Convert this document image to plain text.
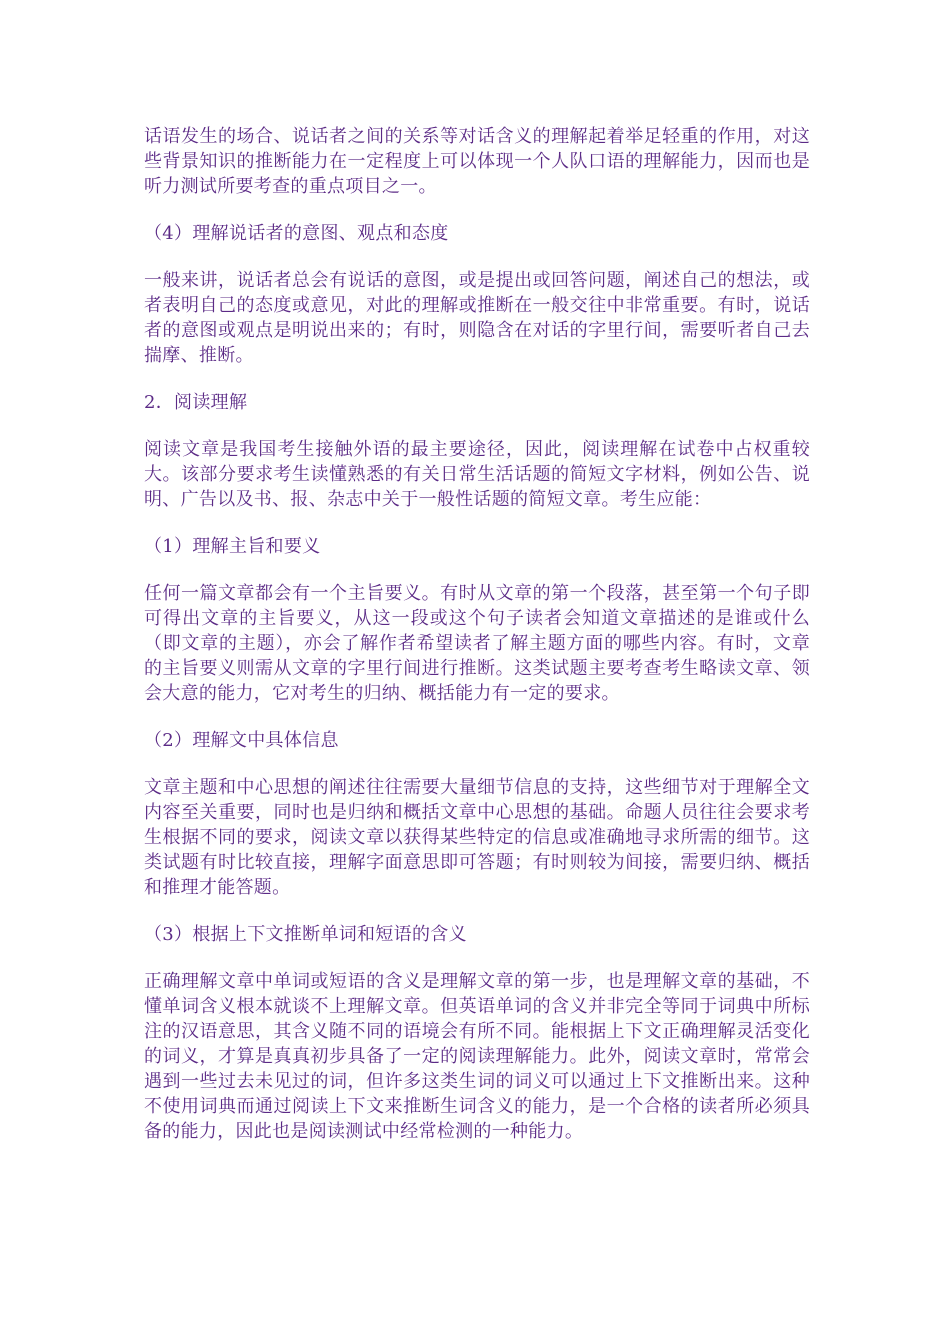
话语发生的场合、说话者之间的关系等对话含义的理解起着举足轻重的作用，对这些背景知识的推断能力在一定程度上可以体现一个人队口语的理解能力，因而也是听力测试所要考查的重点项目之一。

（4）理解说话者的意图、观点和态度

一般来讲，说话者总会有说话的意图，或是提出或回答问题，阐述自己的想法，或者表明自己的态度或意见，对此的理解或推断在一般交往中非常重要。有时，说话者的意图或观点是明说出来的；有时，则隐含在对话的字里行间，需要听者自己去揣摩、推断。

2．阅读理解

阅读文章是我国考生接触外语的最主要途径，因此，阅读理解在试卷中占权重较大。该部分要求考生读懂熟悉的有关日常生活话题的简短文字材料，例如公告、说明、广告以及书、报、杂志中关于一般性话题的简短文章。考生应能：

（1）理解主旨和要义

任何一篇文章都会有一个主旨要义。有时从文章的第一个段落，甚至第一个句子即可得出文章的主旨要义，从这一段或这个句子读者会知道文章描述的是谁或什么（即文章的主题），亦会了解作者希望读者了解主题方面的哪些内容。有时，文章的主旨要义则需从文章的字里行间进行推断。这类试题主要考查考生略读文章、领会大意的能力，它对考生的归纳、概括能力有一定的要求。

（2）理解文中具体信息

文章主题和中心思想的阐述往往需要大量细节信息的支持，这些细节对于理解全文内容至关重要，同时也是归纳和概括文章中心思想的基础。命题人员往往会要求考生根据不同的要求，阅读文章以获得某些特定的信息或准确地寻求所需的细节。这类试题有时比较直接，理解字面意思即可答题；有时则较为间接，需要归纳、概括和推理才能答题。

（3）根据上下文推断单词和短语的含义

正确理解文章中单词或短语的含义是理解文章的第一步，也是理解文章的基础，不懂单词含义根本就谈不上理解文章。但英语单词的含义并非完全等同于词典中所标注的汉语意思，其含义随不同的语境会有所不同。能根据上下文正确理解灵活变化的词义，才算是真真初步具备了一定的阅读理解能力。此外，阅读文章时，常常会遇到一些过去未见过的词，但许多这类生词的词义可以通过上下文推断出来。这种不使用词典而通过阅读上下文来推断生词含义的能力，是一个合格的读者所必须具备的能力，因此也是阅读测试中经常检测的一种能力。
